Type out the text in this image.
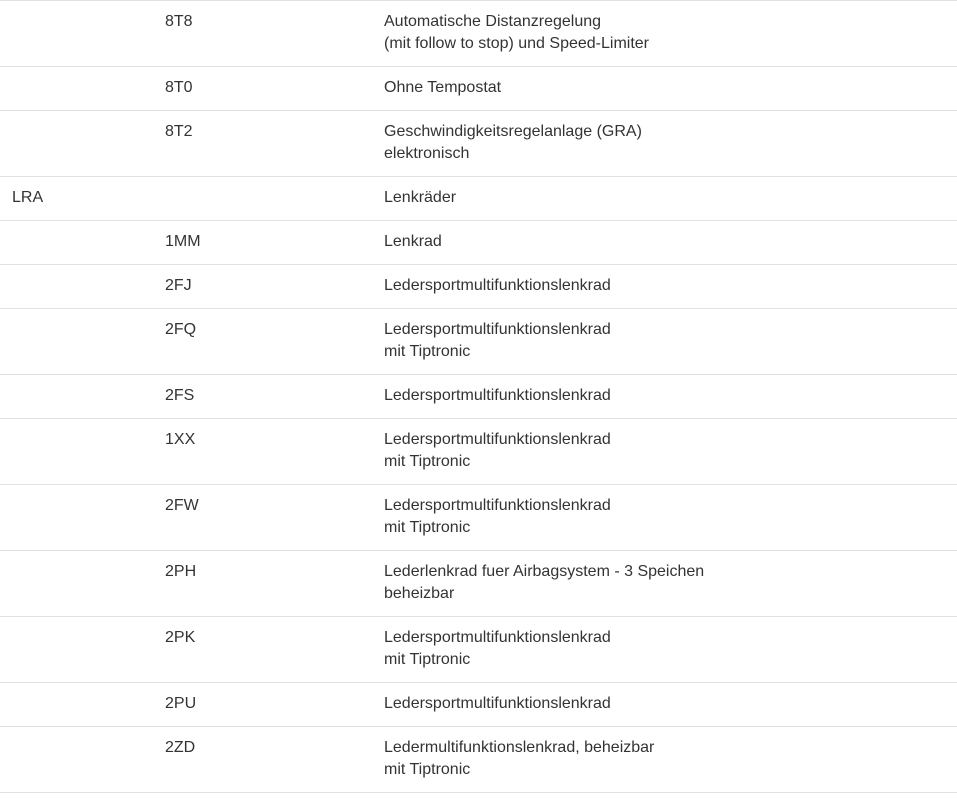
8T8	Automatische Distanzregelung
(mit follow to stop) und Speed-Limiter
8T0	Ohne Tempostat
8T2	Geschwindigkeitsregelanlage (GRA)
elektronisch
LRA	Lenkräder
1MM	Lenkrad
2FJ	Ledersportmultifunktionslenkrad
2FQ	Ledersportmultifunktionslenkrad
mit Tiptronic
2FS	Ledersportmultifunktionslenkrad
1XX	Ledersportmultifunktionslenkrad
mit Tiptronic
2FW	Ledersportmultifunktionslenkrad
mit Tiptronic
2PH	Lederlenkrad fuer Airbagsystem - 3 Speichen
beheizbar
2PK	Ledersportmultifunktionslenkrad
mit Tiptronic
2PU	Ledersportmultifunktionslenkrad
2ZD	Ledermultifunktionslenkrad, beheizbar
mit Tiptronic
